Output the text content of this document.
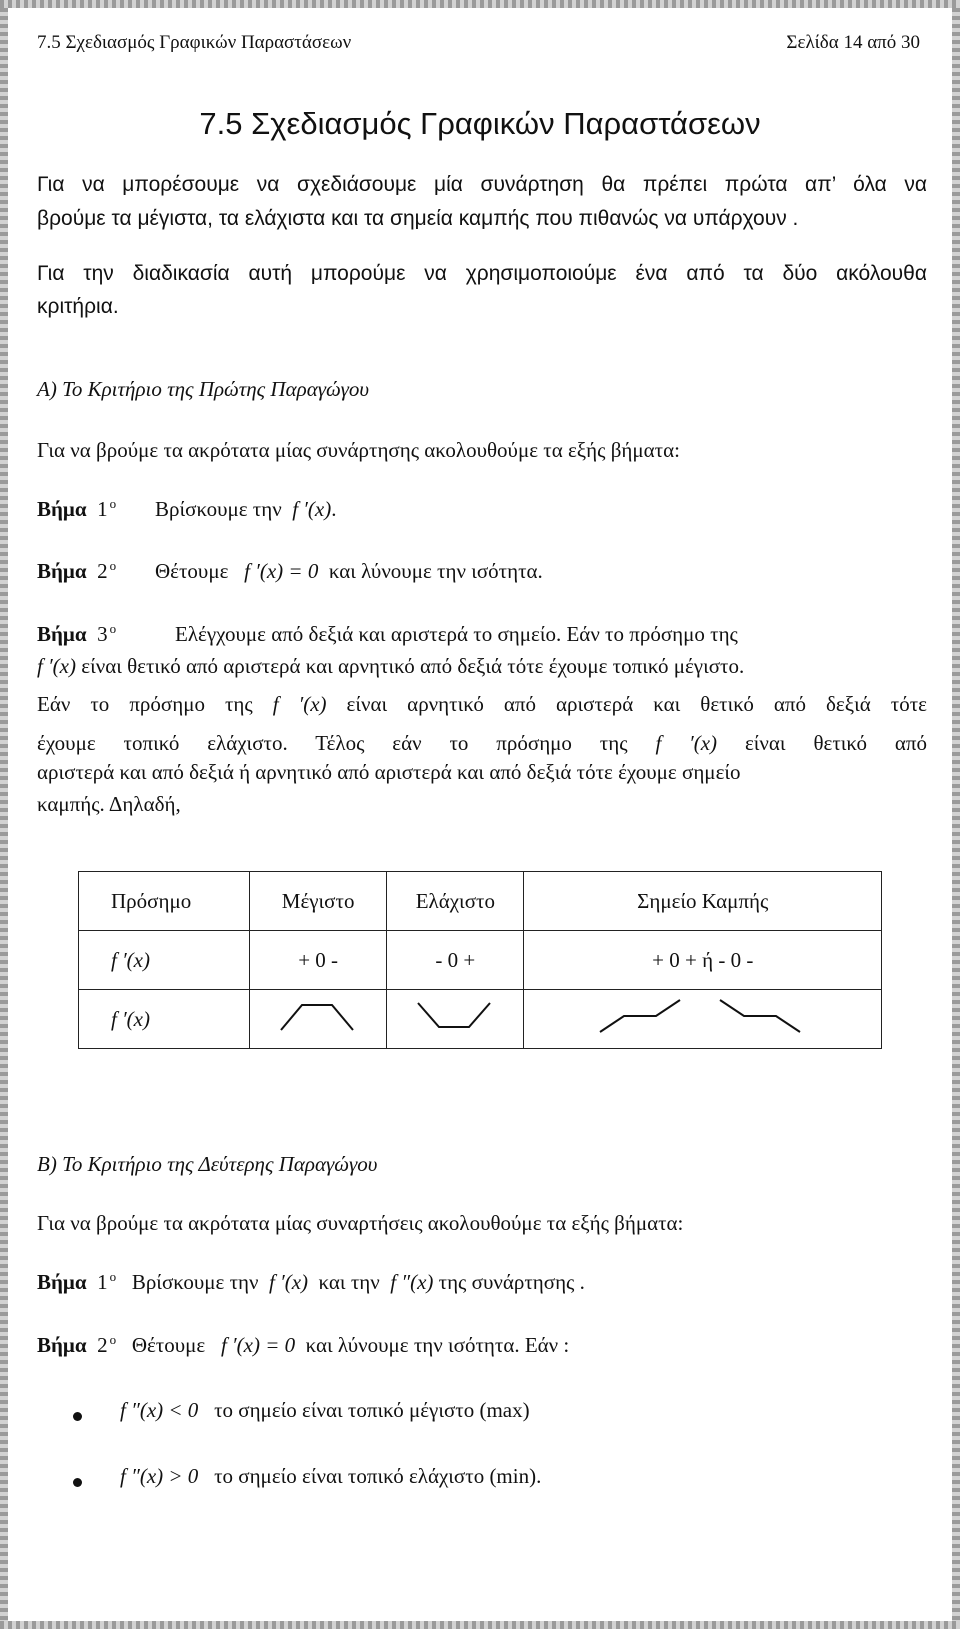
7.5 Σχεδιασμός Γραφικών Παραστάσεων	Σελίδα 14 από 30
7.5 Σχεδιασμός Γραφικών Παραστάσεων
Για να μπορέσουμε να σχεδιάσουμε μία συνάρτηση θα πρέπει πρώτα απ’ όλα να
βρούμε τα μέγιστα, τα ελάχιστα και τα σημεία καμπής που πιθανώς να υπάρχουν .
Για την διαδικασία αυτή μπορούμε να χρησιμοποιούμε ένα από τα δύο ακόλουθα
κριτήρια.
Α) Το Κριτήριο της Πρώτης Παραγώγου
Για να βρούμε τα ακρότατα μίας συνάρτησης ακολουθούμε τα εξής βήματα:
Βήμα 1 $^o$ Βρίσκουμε την f ′(x).
Βήμα 2 $^o$ Θέτουμε f ′(x) = 0 και λύνουμε την ισότητα.
Βήμα 3 $^o$	Ελέγχουμε από δεξιά και αριστερά το σημείο. Εάν το πρόσημο της
f ′(x) είναι θετικό από αριστερά και αρνητικό από δεξιά τότε έχουμε τοπικό μέγιστο.
Εάν το πρόσημο της f ′(x) είναι αρνητικό από αριστερά και θετικό από δεξιά τότε
έχουμε τοπικό ελάχιστο. Τέλος εάν το πρόσημο της f ′(x) είναι θετικό από
αριστερά και από δεξιά ή αρνητικό από αριστερά και από δεξιά τότε έχουμε σημείο
καμπής. Δηλαδή,
Πρόσημο	Μέγιστο	Ελάχιστο	Σημείο Καμπής
f ′(x)	+ 0 -	- 0 +	+ 0 + ή - 0 -
f ′(x)			
Β) Το Κριτήριο της Δεύτερης Παραγώγου
Για να βρούμε τα ακρότατα μίας συναρτήσεις ακολουθούμε τα εξής βήματα:
Βήμα 1 $^o$ Βρίσκουμε την f ′(x) και την f ″(x) της συνάρτησης .
Βήμα 2 $^o$ Θέτουμε f ′(x) = 0 και λύνουμε την ισότητα. Εάν :
f ″(x) < 0 το σημείο είναι τοπικό μέγιστο (max)
f ″(x) > 0 το σημείο είναι τοπικό ελάχιστο (min).
